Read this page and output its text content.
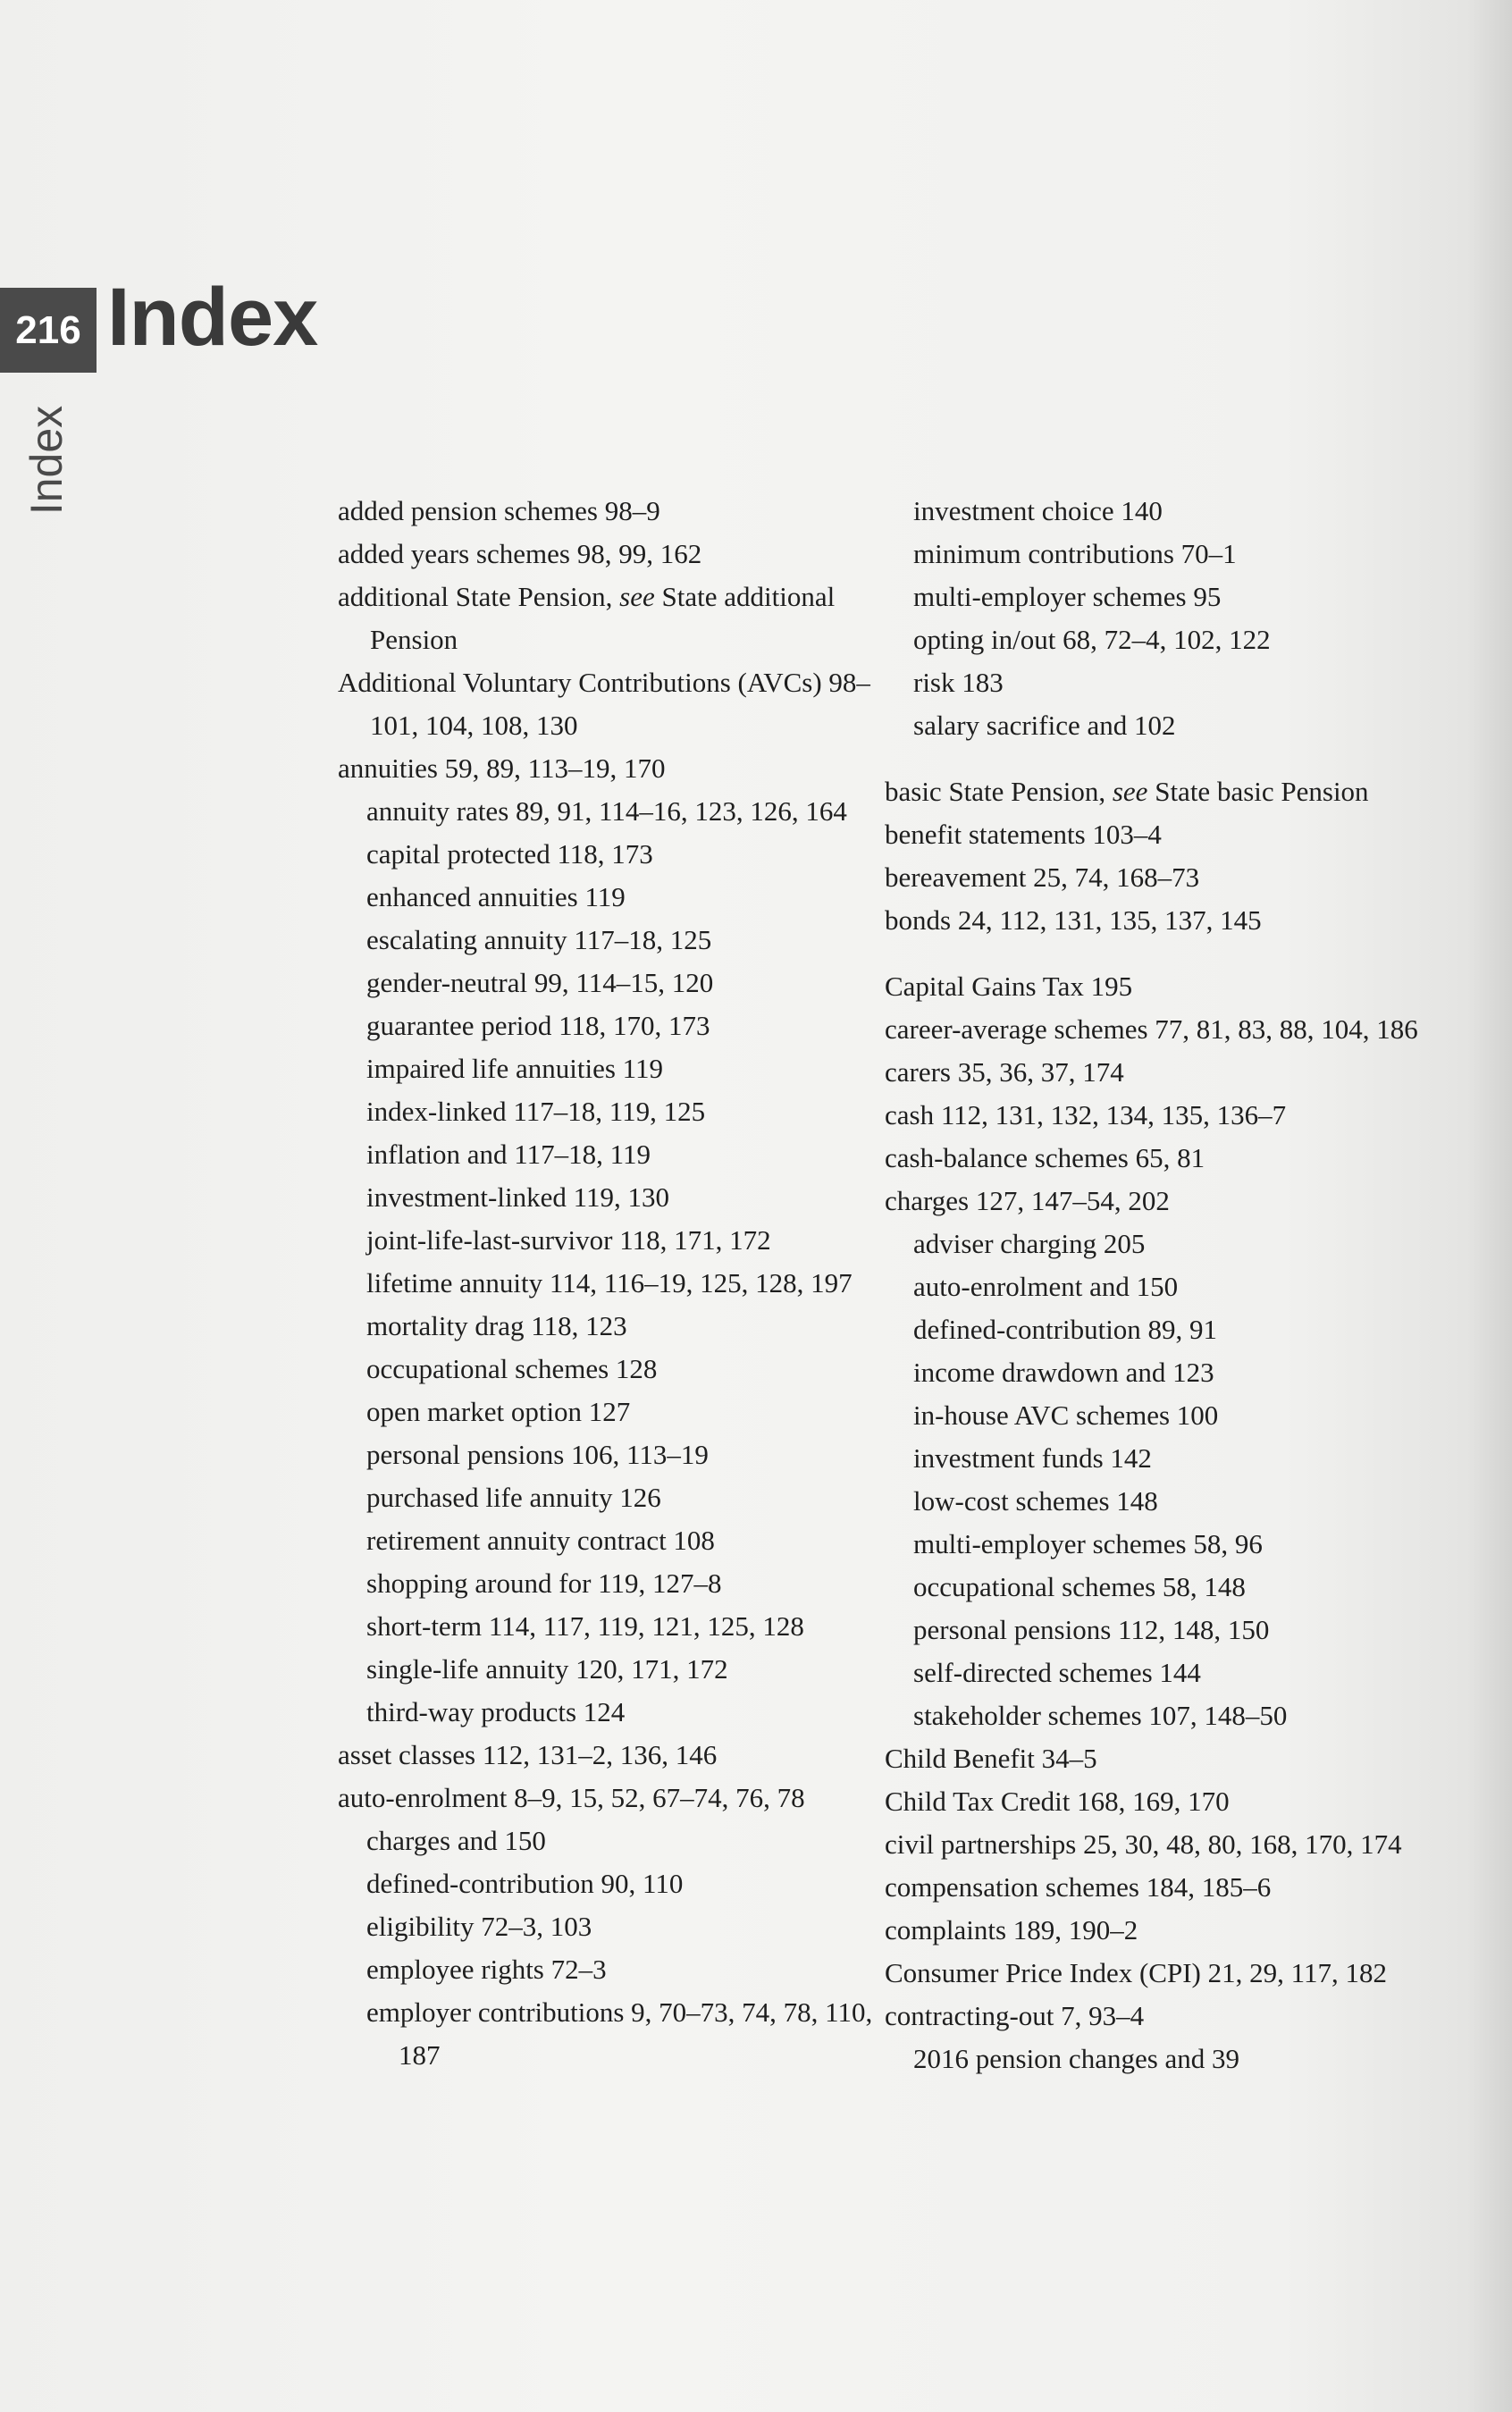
216 Index
Index	added pension schemes 98–9
added years schemes 98, 99, 162
additional State Pension, see State additional Pension
Additional Voluntary Contributions (AVCs) 98–101, 104, 108, 130
annuities 59, 89, 113–19, 170
annuity rates 89, 91, 114–16, 123, 126, 164
capital protected 118, 173
enhanced annuities 119
escalating annuity 117–18, 125
gender-neutral 99, 114–15, 120
guarantee period 118, 170, 173
impaired life annuities 119
index-linked 117–18, 119, 125
inflation and 117–18, 119
investment-linked 119, 130
joint-life-last-survivor 118, 171, 172
lifetime annuity 114, 116–19, 125, 128, 197
mortality drag 118, 123
occupational schemes 128
open market option 127
personal pensions 106, 113–19
purchased life annuity 126
retirement annuity contract 108
shopping around for 119, 127–8
short-term 114, 117, 119, 121, 125, 128
single-life annuity 120, 171, 172
third-way products 124
asset classes 112, 131–2, 136, 146
auto-enrolment 8–9, 15, 52, 67–74, 76, 78
charges and 150
defined-contribution 90, 110
eligibility 72–3, 103
employee rights 72–3
employer contributions 9, 70–73, 74, 78, 110, 187
investment choice 140
minimum contributions 70–1
multi-employer schemes 95
opting in/out 68, 72–4, 102, 122
risk 183
salary sacrifice and 102
basic State Pension, see State basic Pension
benefit statements 103–4
bereavement 25, 74, 168–73
bonds 24, 112, 131, 135, 137, 145
Capital Gains Tax 195
career-average schemes 77, 81, 83, 88, 104, 186
carers 35, 36, 37, 174
cash 112, 131, 132, 134, 135, 136–7
cash-balance schemes 65, 81
charges 127, 147–54, 202
adviser charging 205
auto-enrolment and 150
defined-contribution 89, 91
income drawdown and 123
in-house AVC schemes 100
investment funds 142
low-cost schemes 148
multi-employer schemes 58, 96
occupational schemes 58, 148
personal pensions 112, 148, 150
self-directed schemes 144
stakeholder schemes 107, 148–50
Child Benefit 34–5
Child Tax Credit 168, 169, 170
civil partnerships 25, 30, 48, 80, 168, 170, 174
compensation schemes 184, 185–6
complaints 189, 190–2
Consumer Price Index (CPI) 21, 29, 117, 182
contracting-out 7, 93–4
2016 pension changes and 39
